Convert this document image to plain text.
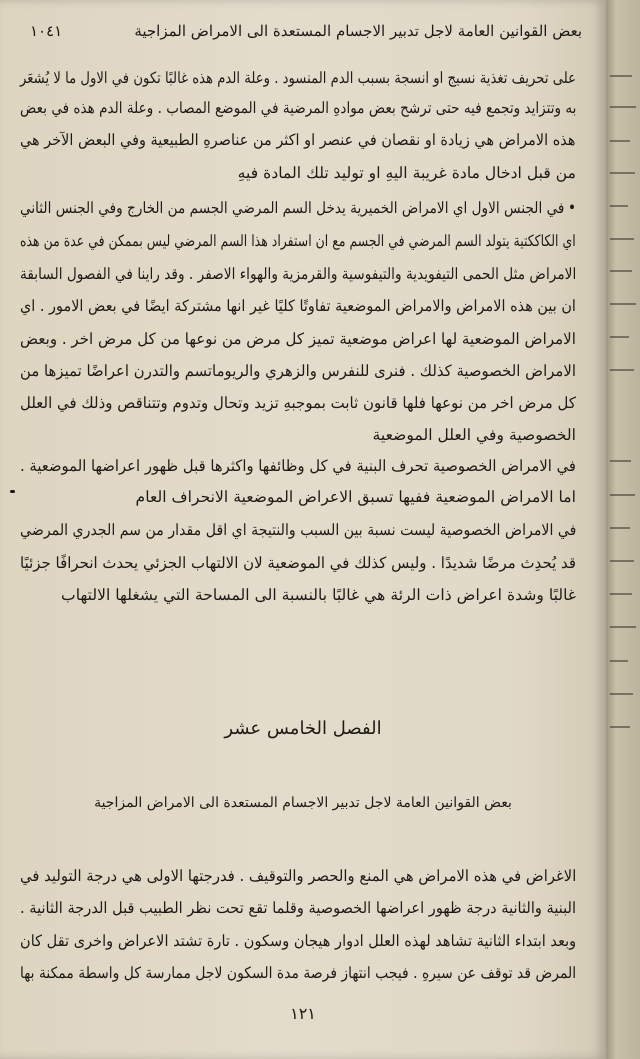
بعض القوانين العامة لاجل تدبير الاجسام المستعدة الى الامراض المزاجية
١٠٤١
على تحريف تغذية نسيج او انسجة بسبب الدم المنسود . وعلة الدم هذه غالبًا تكون في الاول ما لا يُشعَر
به وتتزايد وتجمع فيه حتى ترشح بعض موادهِ المرضية في الموضع المصاب . وعلة الدم هذه في بعض
هذه الامراض هي زيادة او نقصان في عنصر او اكثر من عناصرهِ الطبيعية وفي البعض الآخر هي
من قبل ادخال مادة غريبة اليهِ او توليد تلك المادة فيهِ
• في الجنس الاول اي الامراض الخميرية يدخل السم المرضي الجسم من الخارج وفي الجنس الثاني
اي الكاككتية يتولد السم المرضي في الجسم مع ان استفراد هذا السم المرضي ليس بممكن في عدة من هذه
الامراض مثل الحمى التيفويدية والتيفوسية والقرمزية والهواء الاصفر . وقد راينا في الفصول السابقة
ان بين هذه الامراض والامراض الموضعية تفاوتًا كليًا غير انها مشتركة ايضًا في بعض الامور . اي
الامراض الموضعية لها اعراض موضعية تميز كل مرض من نوعها من كل مرض اخر . وبعض
الامراض الخصوصية كذلك . فنرى للنفرس والزهري والريوماتسم والتدرن اعراضًا تميزها من
كل مرض اخر من نوعها فلها قانون ثابت بموجبهِ تزيد وتحال وتدوم وتتناقص وذلك في العلل
الخصوصية وفي العلل الموضعية
في الامراض الخصوصية تحرف البنية في كل وظائفها واكثرها قبل ظهور اعراضها الموضعية .
اما الامراض الموضعية ففيها تسبق الاعراض الموضعية الانحراف العام
في الامراض الخصوصية ليست نسبة بين السبب والنتيجة اي اقل مقدار من سم الجدري المرضي
قد يُحدِث مرضًا شديدًا . وليس كذلك في الموضعية لان الالتهاب الجزئي يحدث انحرافًا جزئيًا
غالبًا وشدة اعراض ذات الرئة هي غالبًا بالنسبة الى المساحة التي يشغلها الالتهاب
الفصل الخامس عشر
بعض القوانين العامة لاجل تدبير الاجسام المستعدة الى الامراض المزاجية
الاغراض في هذه الامراض هي المنع والحصر والتوقيف . فدرجتها الاولى هي درجة التوليد في
البنية والثانية درجة ظهور اعراضها الخصوصية وقلما تقع تحت نظر الطبيب قبل الدرجة الثانية .
وبعد ابتداء الثانية تشاهد لهذه العلل ادوار هيجان وسكون . تارة تشتد الاعراض واخرى تقل كان
المرض قد توقف عن سيرهِ . فيجب انتهاز فرصة مدة السكون لاجل ممارسة كل واسطة ممكنة بها
١٢١
